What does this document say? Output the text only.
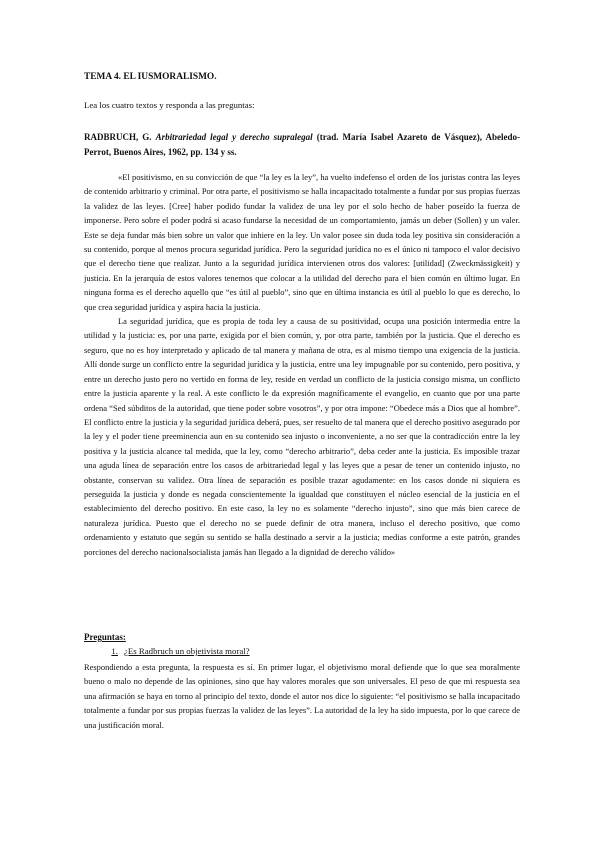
TEMA 4. EL IUSMORALISMO.
Lea los cuatro textos y responda a las preguntas:
RADBRUCH, G. Arbitrariedad legal y derecho supralegal (trad. María Isabel Azareto de Vásquez), Abeledo-Perrot, Buenos Aires, 1962, pp. 134 y ss.

«El positivismo, en su convicción de que “la ley es la ley”, ha vuelto indefenso el orden de los juristas contra las leyes de contenido arbitrario y criminal. Por otra parte, el positivismo se halla incapacitado totalmente a fundar por sus propias fuerzas la validez de las leyes. [Cree] haber podido fundar la validez de una ley por el solo hecho de haber poseído la fuerza de imponerse. Pero sobre el poder podrá si acaso fundarse la necesidad de un comportamiento, jamás un deber (Sollen) y un valer. Este se deja fundar más bien sobre un valor que inhiere en la ley. Un valor posee sin duda toda ley positiva sin consideración a su contenido, porque al menos procura seguridad jurídica. Pero la seguridad jurídica no es el único ni tampoco el valor decisivo que el derecho tiene que realizar. Junto a la seguridad jurídica intervienen otros dos valores: [utilidad] (Zweckmässigkeit) y justicia. En la jerarquía de estos valores tenemos que colocar a la utilidad del derecho para el bien común en último lugar. En ninguna forma es el derecho aquello que “es útil al pueblo”, sino que en última instancia es útil al pueblo lo que es derecho, lo que crea seguridad jurídica y aspira hacia la justicia.

La seguridad jurídica, que es propia de toda ley a causa de su positividad, ocupa una posición intermedia entre la utilidad y la justicia: es, por una parte, exigida por el bien común, y, por otra parte, también por la justicia. Que el derecho es seguro, que no es hoy interpretado y aplicado de tal manera y mañana de otra, es al mismo tiempo una exigencia de la justicia. Allí donde surge un conflicto entre la seguridad jurídica y la justicia, entre una ley impugnable por su contenido, pero positiva, y entre un derecho justo pero no vertido en forma de ley, reside en verdad un conflicto de la justicia consigo misma, un conflicto entre la justicia aparente y la real. A este conflicto le da expresión magníficamente el evangelio, en cuanto que por una parte ordena “Sed súbditos de la autoridad, que tiene poder sobre vosotros”, y por otra impone: “Obedece más a Dios que al hombre”. El conflicto entre la justicia y la seguridad jurídica deberá, pues, ser resuelto de tal manera que el derecho positivo asegurado por la ley y el poder tiene preeminencia aun en su contenido sea injusto o inconveniente, a no ser que la contradicción entre la ley positiva y la justicia alcance tal medida, que la ley, como “derecho arbitrario”, deba ceder ante la justicia. Es imposible trazar una aguda línea de separación entre los casos de arbitrariedad legal y las leyes que a pesar de tener un contenido injusto, no obstante, conservan su validez. Otra línea de separación es posible trazar agudamente: en los casos donde ni siquiera es perseguida la justicia y donde es negada conscientemente la igualdad que constituyen el núcleo esencial de la justicia en el establecimiento del derecho positivo. En este caso, la ley no es solamente “derecho injusto”, sino que más bien carece de naturaleza jurídica. Puesto que el derecho no se puede definir de otra manera, incluso el derecho positivo, que como ordenamiento y estatuto que según su sentido se halla destinado a servir a la justicia; medias conforme a este patrón, grandes porciones del derecho nacionalsocialista jamás han llegado a la dignidad de derecho válido»

Preguntas:
1. ¿Es Radbruch un objetivista moral?
Respondiendo a esta pregunta, la respuesta es sí. En primer lugar, el objetivismo moral defiende que lo que sea moralmente bueno o malo no depende de las opiniones, sino que hay valores morales que son universales. El peso de que mi respuesta sea una afirmación se haya en torno al principio del texto, donde el autor nos dice lo siguiente: “el positivismo se halla incapacitado totalmente a fundar por sus propias fuerzas la validez de las leyes”. La autoridad de la ley ha sido impuesta, por lo que carece de una justificación moral.
